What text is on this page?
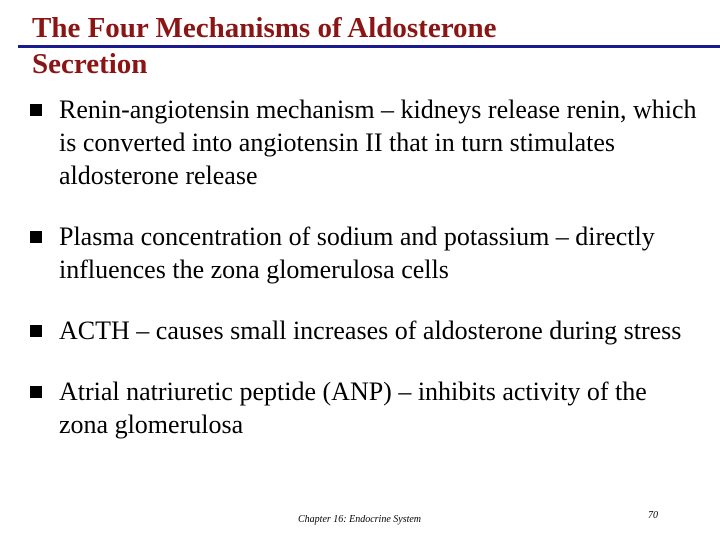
The Four Mechanisms of Aldosterone Secretion
Renin-angiotensin mechanism – kidneys release renin, which is converted into angiotensin II that in turn stimulates aldosterone release
Plasma concentration of sodium and potassium – directly influences the zona glomerulosa cells
ACTH – causes small increases of aldosterone during stress
Atrial natriuretic peptide (ANP) – inhibits activity of the zona glomerulosa
Chapter 16: Endocrine System	70
